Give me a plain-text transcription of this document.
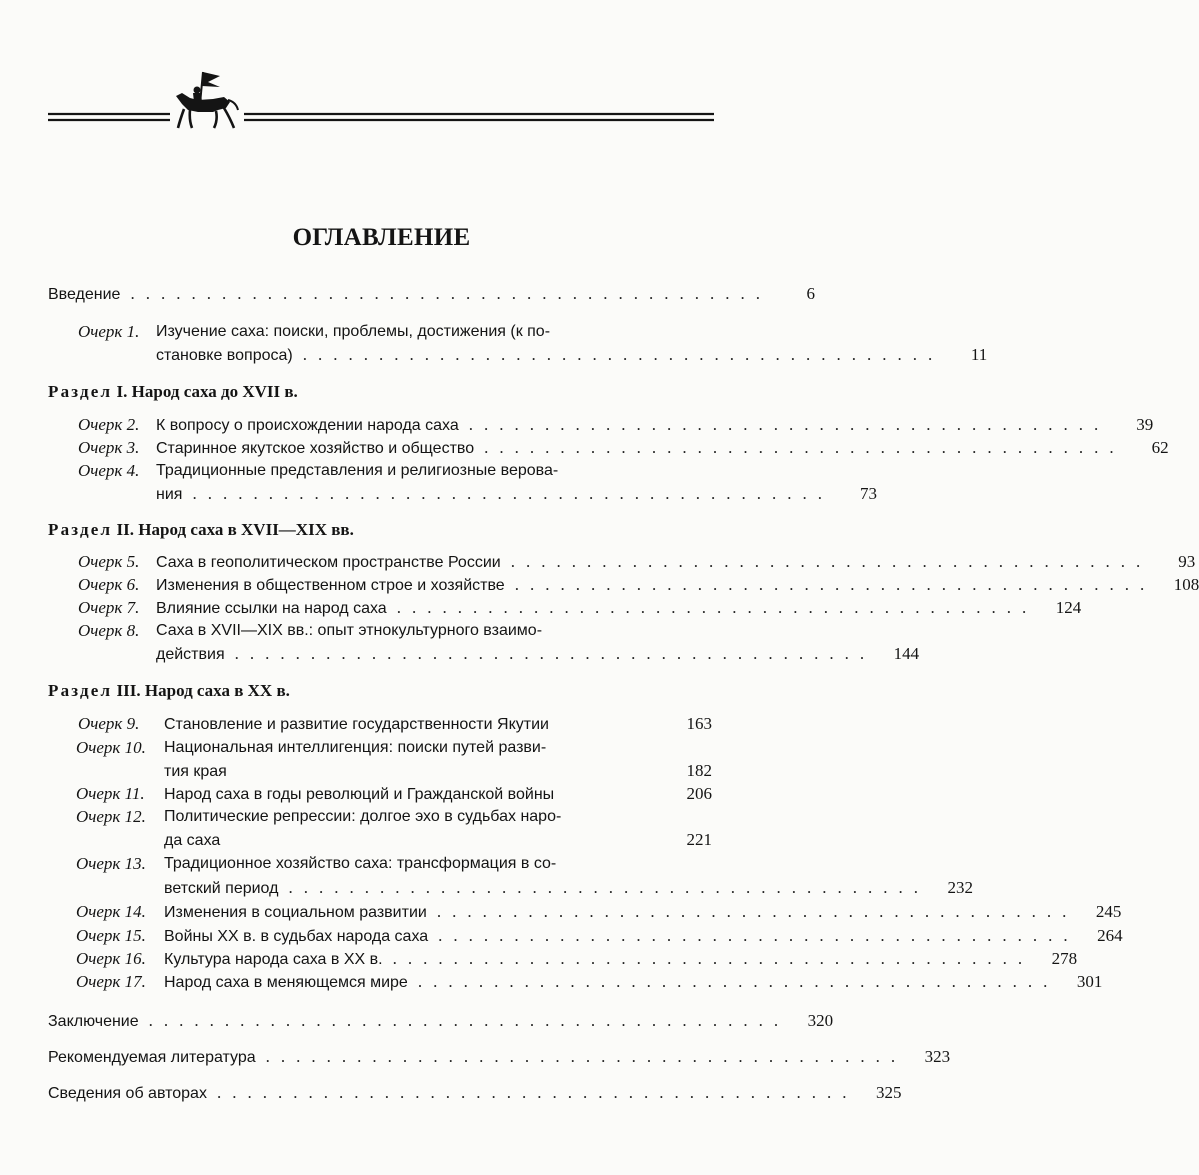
ОГЛАВЛЕНИЕ
Введение ..........................................	6
Очерк 1. Изучение саха: поиски, проблемы, достижения (к по-
становке вопроса) ..........................................	11
Раздел I. Народ саха до XVII в.
Очерк 2.	К вопросу о происхождении народа саха ..........................................	39
Очерк 3.	Старинное якутское хозяйство и общество ..........................................	62
Очерк 4. Традиционные представления и религиозные верова-
ния ..........................................	73
Раздел II. Народ саха в XVII—XIX вв.
Очерк 5.	Саха в геополитическом пространстве России ..........................................	93
Очерк 6.	Изменения в общественном строе и хозяйстве ..........................................	108
Очерк 7.	Влияние ссылки на народ саха ..........................................	124
Очерк 8. Саха в XVII—XIX вв.: опыт этнокультурного взаимо-
действия ..........................................	144
Раздел III. Народ саха в XX в.
Очерк 9.	Становление и развитие государственности Якутии	163
Очерк 10. Национальная интеллигенция: поиски путей разви-
тия края	182
Очерк 11.	Народ саха в годы революций и Гражданской войны	206
Очерк 12. Политические репрессии: долгое эхо в судьбах наро-
да саха	221
Очерк 13. Традиционное хозяйство саха: трансформация в со-
ветский период ..........................................	232
Очерк 14.	Изменения в социальном развитии ..........................................	245
Очерк 15.	Войны XX в. в судьбах народа саха ..........................................	264
Очерк 16.	Культура народа саха в XX в. ..........................................	278
Очерк 17.	Народ саха в меняющемся мире ..........................................	301
Заключение ..........................................	320
Рекомендуемая литература ..........................................	323
Сведения об авторах ..........................................	325
